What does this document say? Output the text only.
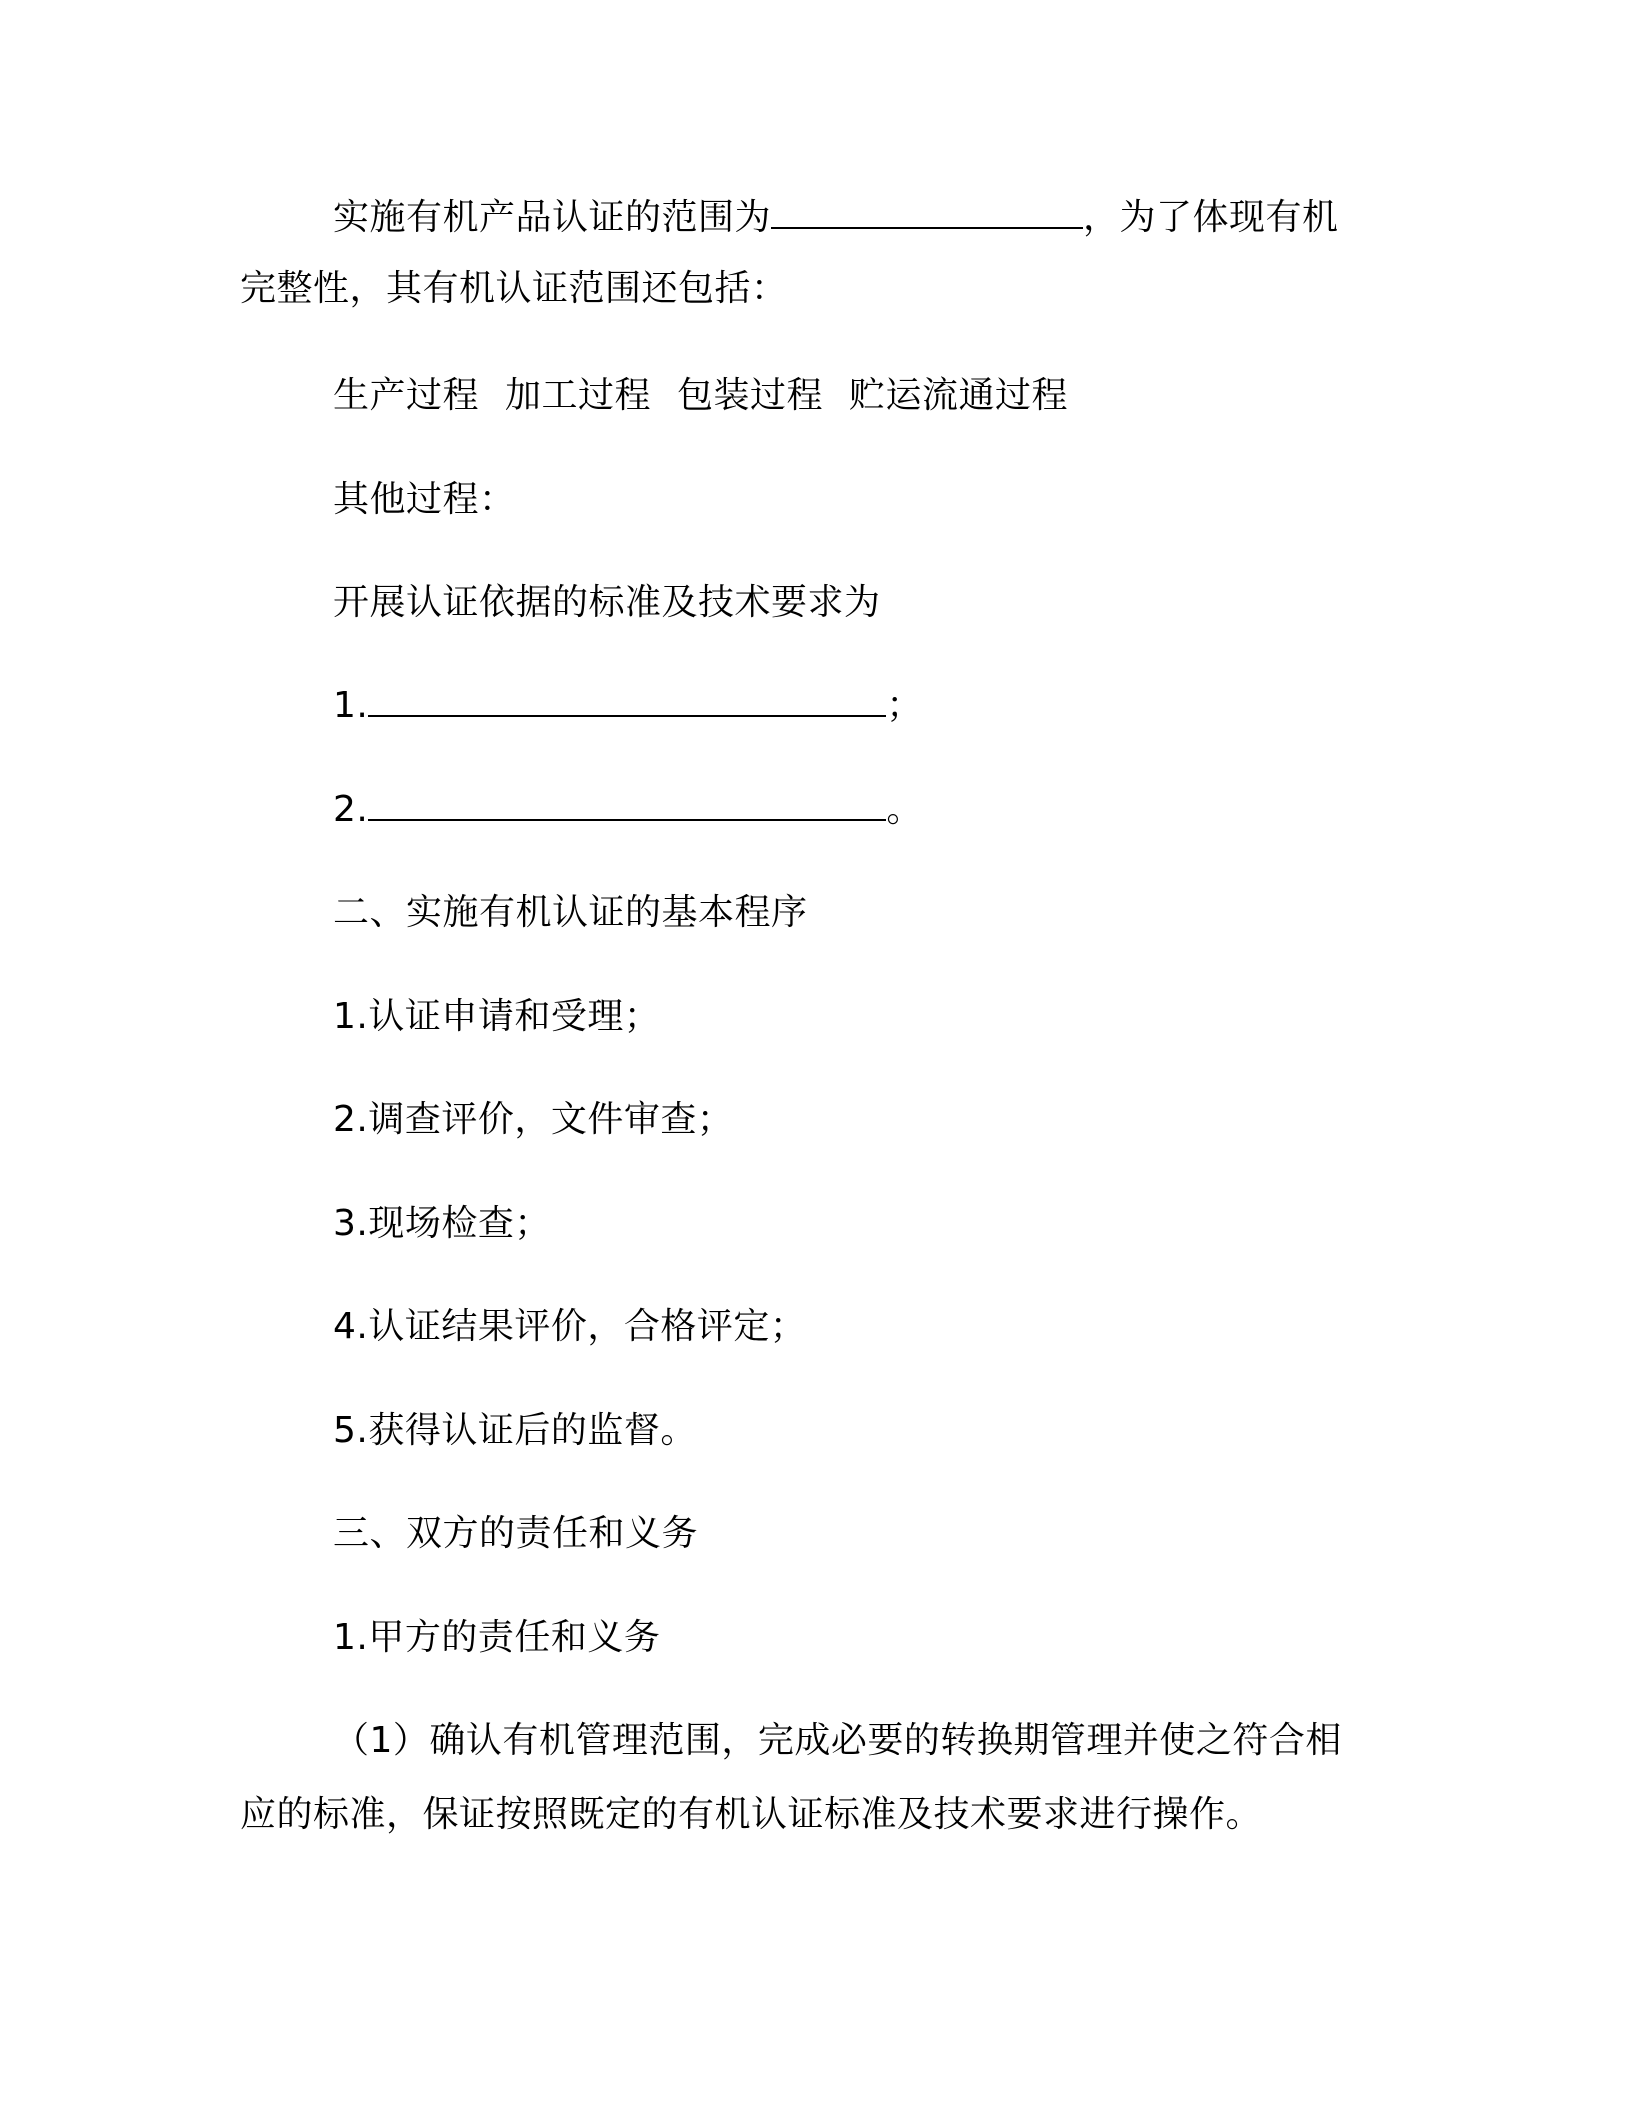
实施有机产品认证的范围为	，为了体现有机
完整性，其有机认证范围还包括：
生产过程 加工过程 包装过程 贮运流通过程
其他过程：
开展认证依据的标准及技术要求为
1.	；
2.	。
二、实施有机认证的基本程序
1.认证申请和受理；
2.调查评价，文件审查；
3.现场检查；
4.认证结果评价，合格评定；
5.获得认证后的监督。
三、双方的责任和义务
1.甲方的责任和义务
（1）确认有机管理范围，完成必要的转换期管理并使之符合相
应的标准，保证按照既定的有机认证标准及技术要求进行操作。
